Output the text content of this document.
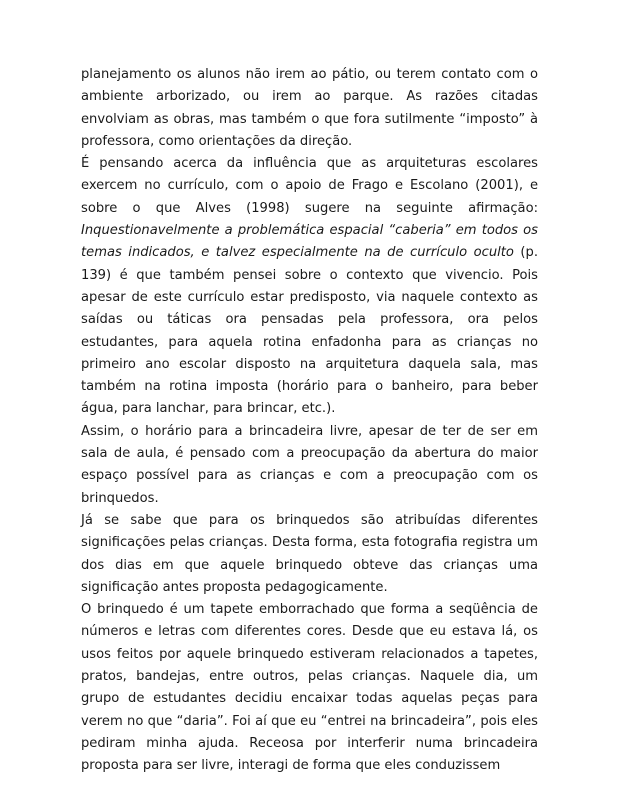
planejamento os alunos não irem ao pátio, ou terem contato com o ambiente arborizado, ou irem ao parque. As razões citadas envolviam as obras, mas também o que fora sutilmente “imposto” à professora, como orientações da direção.

É pensando acerca da influência que as arquiteturas escolares exercem no currículo, com o apoio de Frago e Escolano (2001), e sobre o que Alves (1998) sugere na seguinte afirmação: Inquestionavelmente a problemática espacial “caberia” em todos os temas indicados, e talvez especialmente na de currículo oculto (p. 139) é que também pensei sobre o contexto que vivencio. Pois apesar de este currículo estar predisposto, via naquele contexto as saídas ou táticas ora pensadas pela professora, ora pelos estudantes, para aquela rotina enfadonha para as crianças no primeiro ano escolar disposto na arquitetura daquela sala, mas também na rotina imposta (horário para o banheiro, para beber água, para lanchar, para brincar, etc.).

Assim, o horário para a brincadeira livre, apesar de ter de ser em sala de aula, é pensado com a preocupação da abertura do maior espaço possível para as crianças e com a preocupação com os brinquedos.

Já se sabe que para os brinquedos são atribuídas diferentes significações pelas crianças. Desta forma, esta fotografia registra um dos dias em que aquele brinquedo obteve das crianças uma significação antes proposta pedagogicamente.

O brinquedo é um tapete emborrachado que forma a seqüência de números e letras com diferentes cores. Desde que eu estava lá, os usos feitos por aquele brinquedo estiveram relacionados a tapetes, pratos, bandejas, entre outros, pelas crianças. Naquele dia, um grupo de estudantes decidiu encaixar todas aquelas peças para verem no que “daria”. Foi aí que eu “entrei na brincadeira”, pois eles pediram minha ajuda. Receosa por interferir numa brincadeira proposta para ser livre, interagi de forma que eles conduzissem
